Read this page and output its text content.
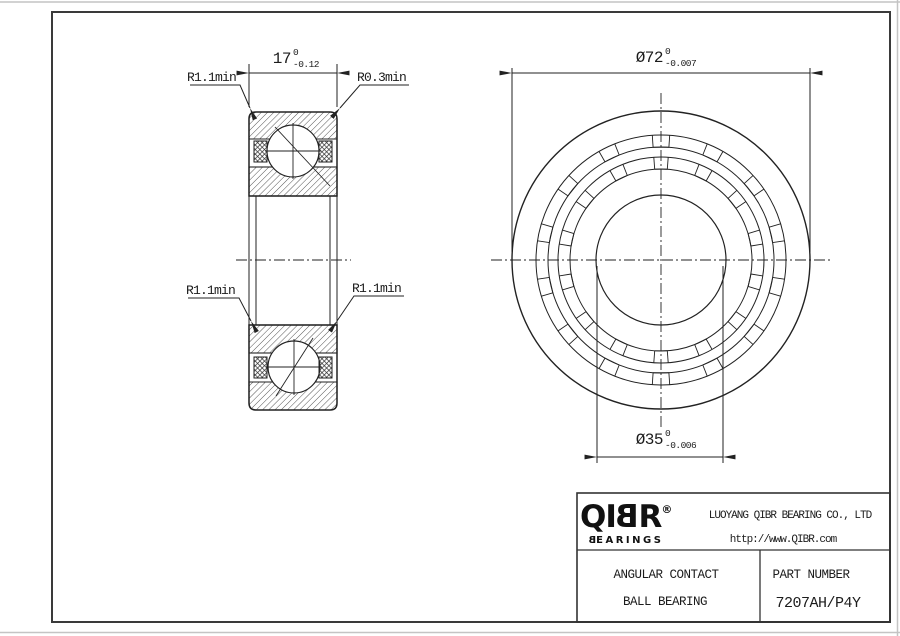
17 0
-0.12	Ø72 0
-0.007
Ø35 0
-0.006
R1.1min	R0.3min
R1.1min	R1.1min
LUOYANG QIBR BEARING CO., LTD
http://www.QIBR.com
ANGULAR CONTACT
BALL BEARING
PART NUMBER
7207AH/P4Y
QIBR®
BEARINGS
